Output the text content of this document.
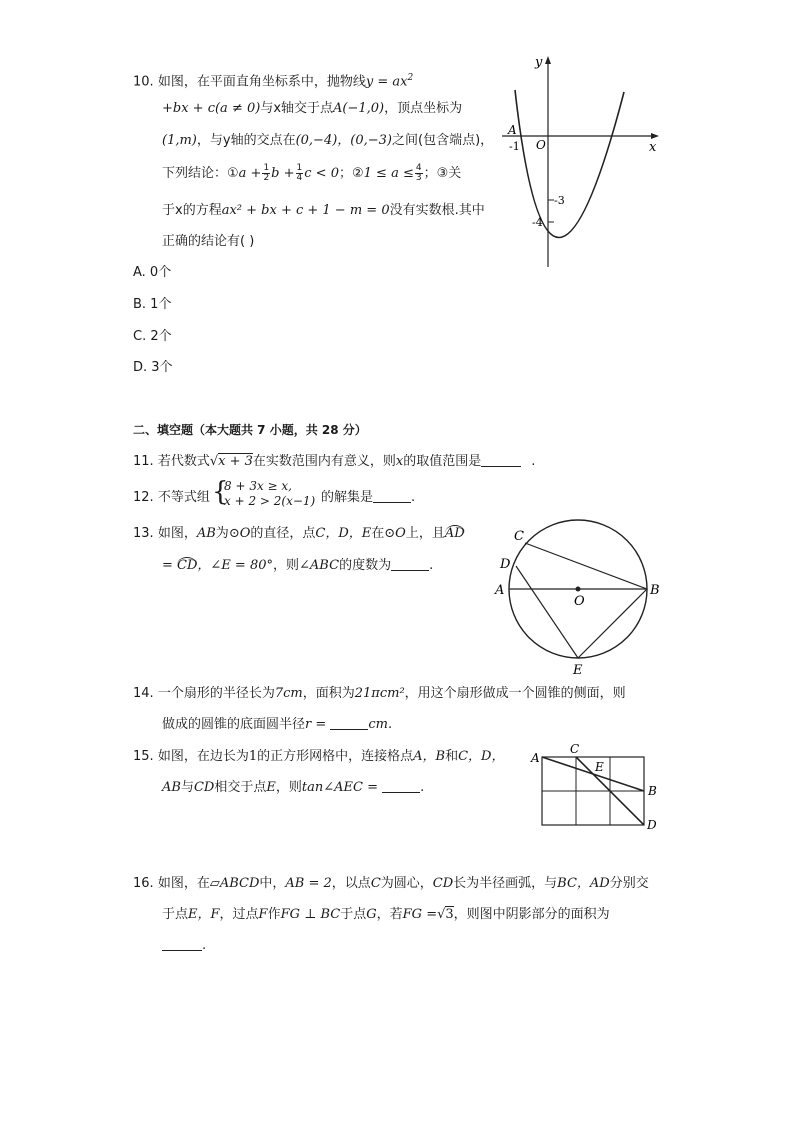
10. 如图，在平面直角坐标系中，抛物线$y = ax^2$
+bx + c(a ≠ 0)与x轴交于点A(−1,0)，顶点坐标为
(1,m)，与y轴的交点在(0,−4)，(0,−3)之间(包含端点)，
下列结论：①a + $\frac{1}{2}$ $b + \frac{1}{4}$ c < 0；②1 ≤ $a \le \frac{4}{3}$ ；③关
于x的方程ax² + bx + c + 1 − m = 0没有实数根.其中
正确的结论有( )
A. 0个
B. 1个
C. 2个
D. 3个
y
x
O
A
-1
-3
-4
二、填空题（本大题共 7 小题，共 28 分）
11. 若代数式√x + 3在实数范围内有意义，则x的取值范围是	.
12. 不等式组 {
8 + 3x ≥ x,
x + 2 > 2(x−1) 的解集是	.
13. 如图，AB为⊙O的直径，点C，D，E在⊙O上，且AD
= CD，∠E = 80°，则∠ABC的度数为	.
C
D
A
O
B
E
14. 一个扇形的半径长为7cm，面积为21πcm²，用这个扇形做成一个圆锥的侧面，则
做成的圆锥的底面圆半径r =	cm.
15. 如图，在边长为1的正方形网格中，连接格点A，B和C，D，
AB与CD相交于点E，则tan∠AEC =	.
A
C
E
B
D
16. 如图，在▱ABCD中，AB = 2，以点C为圆心，CD长为半径画弧，与BC，AD分别交
于点E，F，过点F作FG ⊥ BC于点G，若FG =√3，则图中阴影部分的面积为
.
